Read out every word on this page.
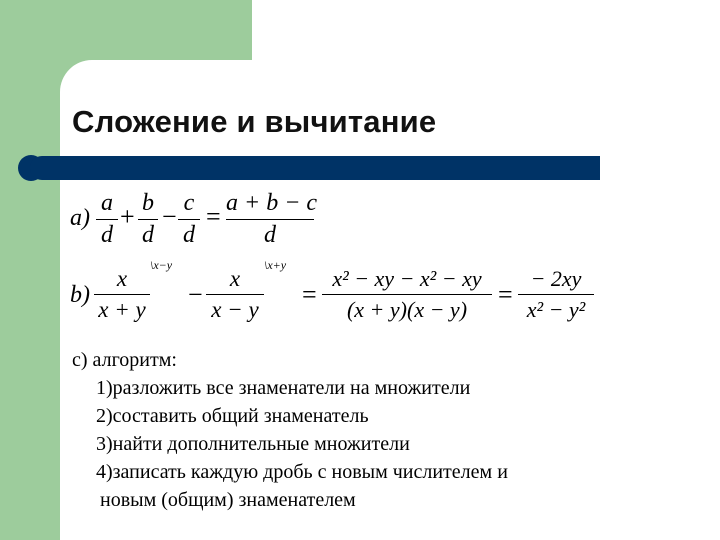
Сложение и вычитание
a)
a
d
+ b
d
− c
d
= a + b − c
d
b)
x
x + y
\x−y
−
x
x − y
\x+y
=
x² − xy − x² − xy
(x + y)(x − y)
=
− 2xy
x² − y²
с) алгоритм:
1)разложить все знаменатели на множители
2)составить общий знаменатель
3)найти дополнительные множители
4)записать каждую дробь с новым числителем и
новым (общим) знаменателем
